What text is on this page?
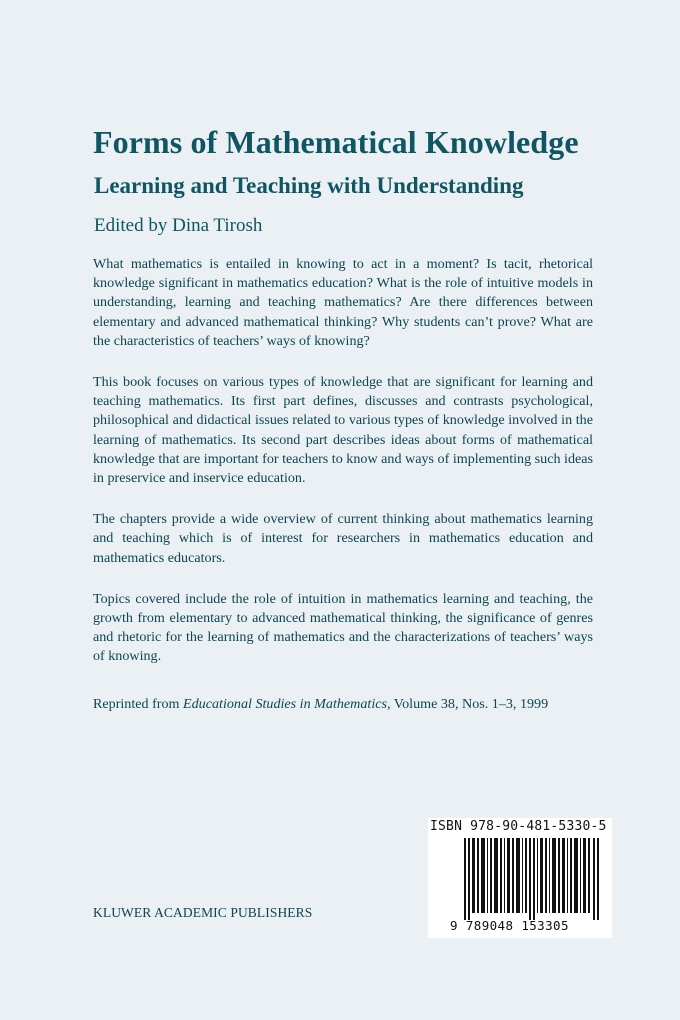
Forms of Mathematical Knowledge
Learning and Teaching with Understanding
Edited by Dina Tirosh

What mathematics is entailed in knowing to act in a moment? Is tacit, rhetorical knowledge significant in mathematics education? What is the role of intuitive models in understanding, learning and teaching mathematics? Are there differences between elementary and advanced mathematical thinking? Why students can’t prove? What are the characteristics of teachers’ ways of knowing?

This book focuses on various types of knowledge that are significant for learning and teaching mathematics. Its first part defines, discusses and contrasts psychological, philosophical and didactical issues related to various types of knowledge involved in the learning of mathematics. Its second part describes ideas about forms of mathematical knowledge that are important for teachers to know and ways of implementing such ideas in preservice and inservice education.

The chapters provide a wide overview of current thinking about mathematics learning and teaching which is of interest for researchers in mathematics education and mathematics educators.

Topics covered include the role of intuition in mathematics learning and teaching, the growth from elementary to advanced mathematical thinking, the significance of genres and rhetoric for the learning of mathematics and the characterizations of teachers’ ways of knowing.

Reprinted from Educational Studies in Mathematics, Volume 38, Nos. 1–3, 1999

KLUWER ACADEMIC PUBLISHERS
ISBN 978-90-481-5330-5
9 789048 153305
